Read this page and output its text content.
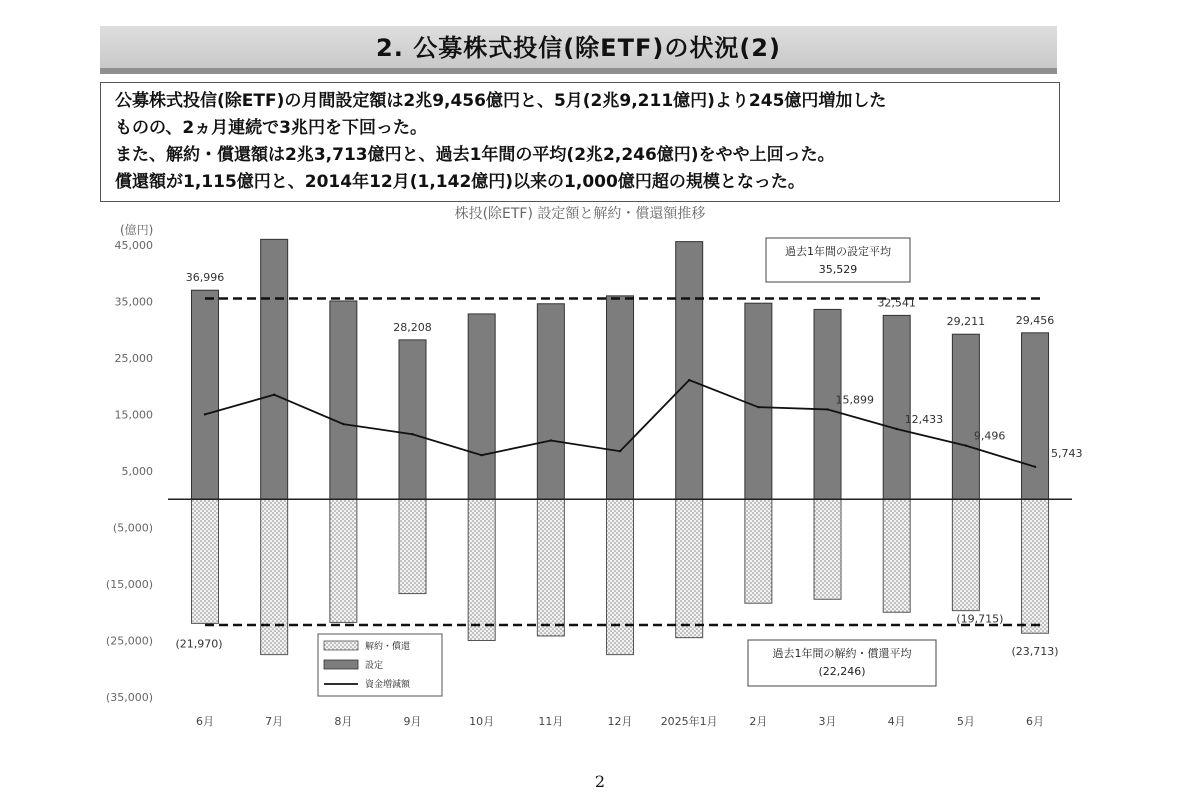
2. 公募株式投信(除ETF)の状況(2)

公募株式投信(除ETF)の月間設定額は2兆9,456億円と、5月(2兆9,211億円)より245億円増加した

ものの、2ヵ月連続で3兆円を下回った。

また、解約・償還額は2兆3,713億円と、過去1年間の平均(2兆2,246億円)をやや上回った。

償還額が1,115億円と、2014年12月(1,142億円)以来の1,000億円超の規模となった。

株投(除ETF) 設定額と解約・償還額推移
(億円)
45,000
35,000
25,000
15,000
5,000
(5,000)
(15,000)
(25,000)
(35,000)
過去1年間の設定平均
35,529
過去1年間の解約・償還平均
(22,246)
36,996
28,208
32,541
29,211	29,456
(21,970)
(19,715)
(23,713)
15,899
12,433
9,496
5,743
6月	7月	8月	9月	10月	11月	12月	2025年1月	2月	3月	4月	5月	6月
解約・償還
設定
資金増減額
2
